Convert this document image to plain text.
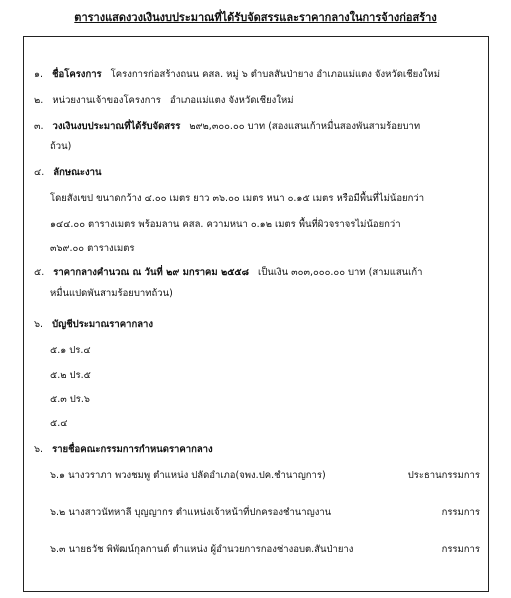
ตารางแสดงวงเงินงบประมาณที่ได้รับจัดสรรและราคากลางในการจ้างก่อสร้าง
๑. ชื่อโครงการ โครงการก่อสร้างถนน คสล. หมู่ ๖ ตำบลสันป่ายาง อำเภอแม่แตง จังหวัดเชียงใหม่
๒. หน่วยงานเจ้าของโครงการ อำเภอแม่แตง จังหวัดเชียงใหม่
๓. วงเงินงบประมาณที่ได้รับจัดสรร ๒๙๒,๓๐๐.๐๐ บาท (สองแสนเก้าหมื่นสองพันสามร้อยบาท
ถ้วน)
๔. ลักษณะงาน
โดยสังเขป ขนาดกว้าง ๔.๐๐ เมตร ยาว ๓๖.๐๐ เมตร หนา ๐.๑๕ เมตร หรือมีพื้นที่ไม่น้อยกว่า
๑๔๔.๐๐ ตารางเมตร พร้อมลาน คสล. ความหนา ๐.๑๒ เมตร พื้นที่ผิวจราจรไม่น้อยกว่า
๓๖๙.๐๐ ตารางเมตร
๕. ราคากลางคำนวณ ณ วันที่ ๒๙ มกราคม ๒๕๕๘ เป็นเงิน ๓๐๓,๐๐๐.๐๐ บาท (สามแสนเก้า
หมื่นแปดพันสามร้อยบาทถ้วน)
๖. บัญชีประมาณราคากลาง
๕.๑ ปร.๔
๕.๒ ปร.๕
๕.๓ ปร.๖
๕.๔
๖. รายชื่อคณะกรรมการกำหนดราคากลาง
๖.๑ นางวราภา พวงชมพู ตำแหน่ง ปลัดอำเภอ(จพง.ปค.ชำนาญการ)	ประธานกรรมการ
๖.๒ นางสาวนัทหาลี บุญญากร ตำแหน่งเจ้าหน้าที่ปกครองชำนาญงาน	กรรมการ
๖.๓ นายธวัช พิพัฒน์กุลกานต์ ตำแหน่ง ผู้อำนวยการกองช่างอบต.สันป่ายาง	กรรมการ
